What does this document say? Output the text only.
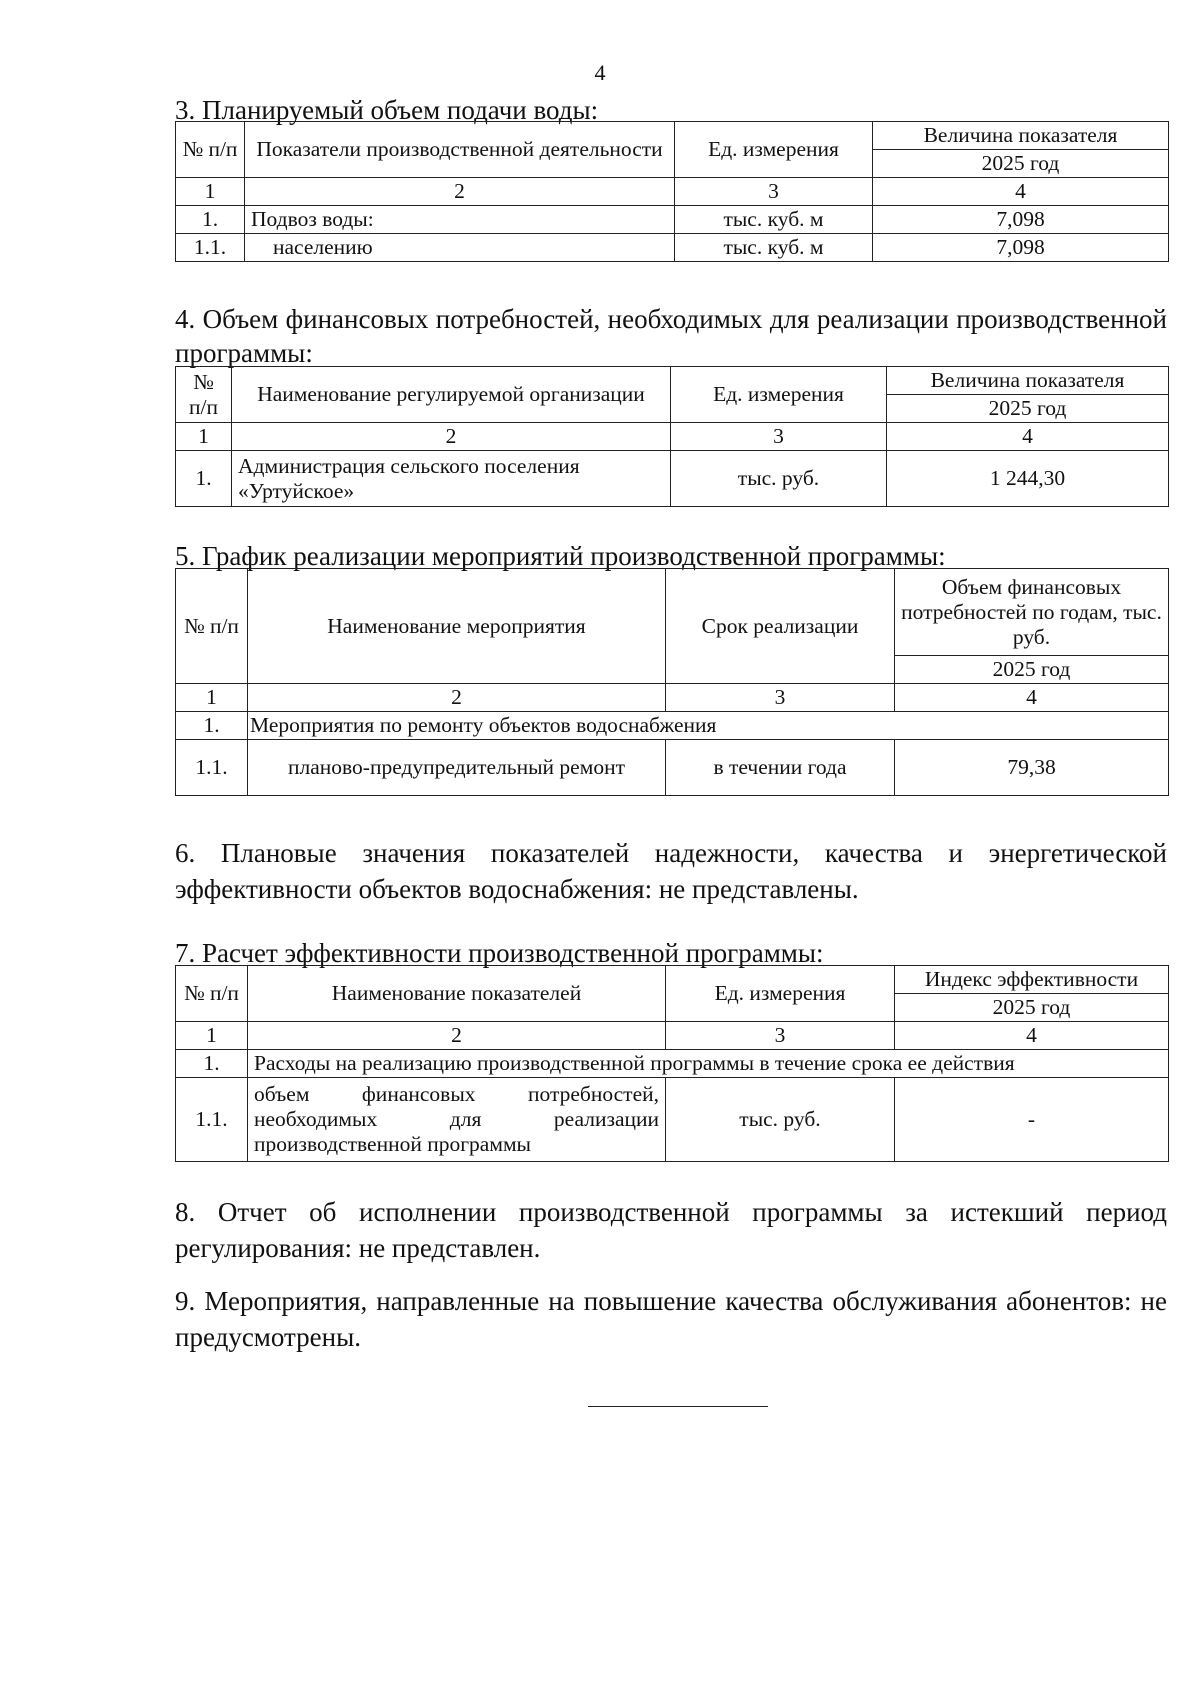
4
3. Планируемый объем подачи воды:
№ п/п	Показатели производственной деятельности	Ед. измерения	Величина показателя
			2025 год
1	2	3	4
1.	Подвоз воды:	тыс. куб. м	7,098
1.1.	населению	тыс. куб. м	7,098
4. Объем финансовых потребностей, необходимых для реализации производственной программы:
№ п/п	Наименование регулируемой организации	Ед. измерения	Величина показателя
			2025 год
1	2	3	4
1.	Администрация сельского поселения «Уртуйское»	тыс. руб.	1 244,30
5. График реализации мероприятий производственной программы:
№ п/п	Наименование мероприятия	Срок реализации	Объем финансовых потребностей по годам, тыс. руб.
			2025 год
1	2	3	4
1.	Мероприятия по ремонту объектов водоснабжения		
1.1.	планово-предупредительный ремонт	в течении года	79,38
6. Плановые значения показателей надежности, качества и энергетической эффективности объектов водоснабжения: не представлены.
7. Расчет эффективности производственной программы:
№ п/п	Наименование показателей	Ед. измерения	Индекс эффективности
			2025 год
1	2	3	4
1.	Расходы на реализацию производственной программы в течение срока ее действия		
1.1.	объем финансовых потребностей, необходимых для реализации производственной программы	тыс. руб.	-
8. Отчет об исполнении производственной программы за истекший период регулирования: не представлен.
9. Мероприятия, направленные на повышение качества обслуживания абонентов: не предусмотрены.
